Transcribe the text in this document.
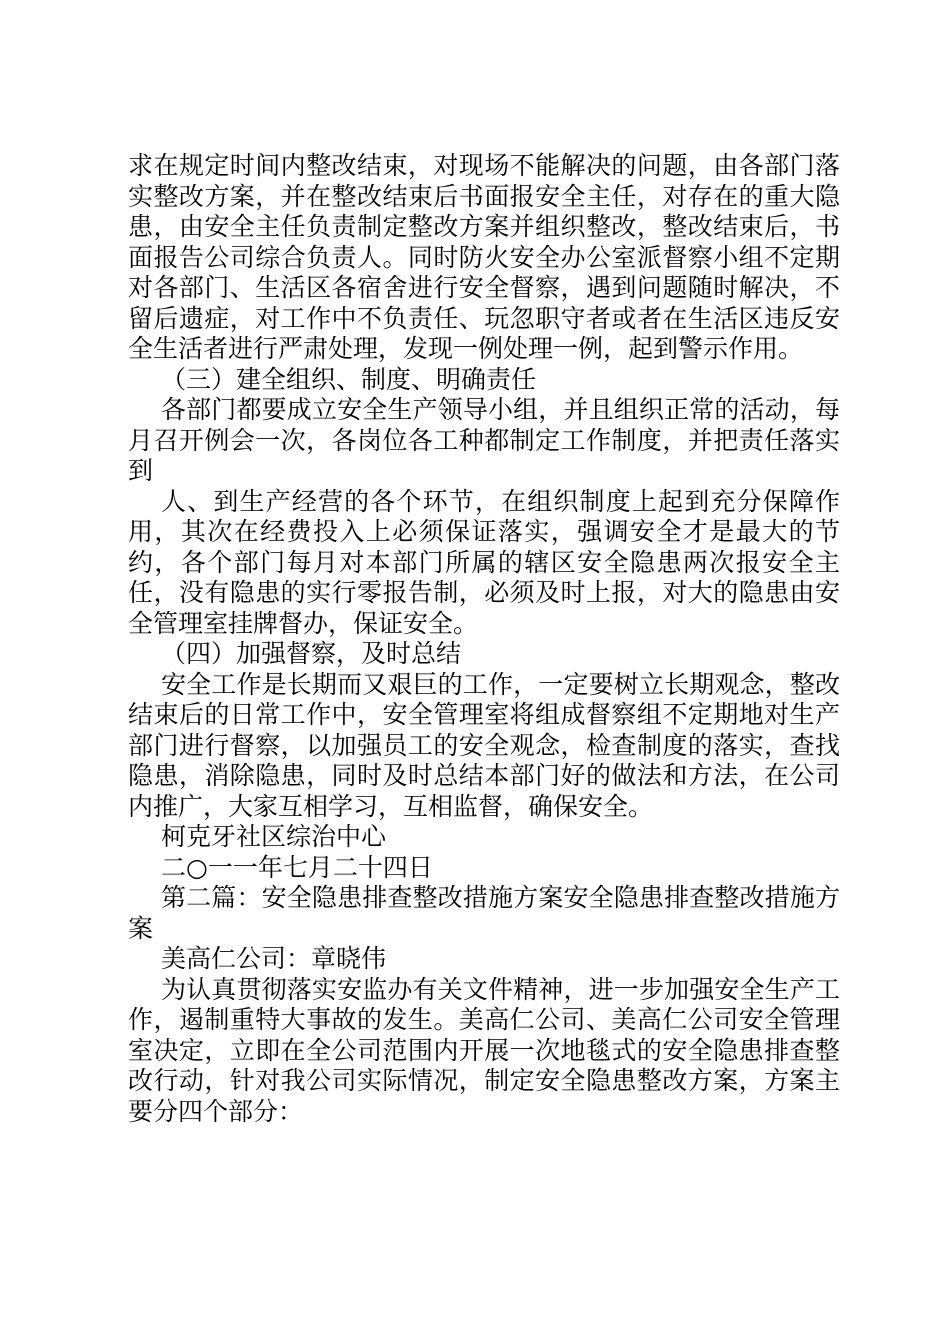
求在规定时间内整改结束，对现场不能解决的问题，由各部门落实整改方案，并在整改结束后书面报安全主任，对存在的重大隐患，由安全主任负责制定整改方案并组织整改，整改结束后，书面报告公司综合负责人。同时防火安全办公室派督察小组不定期对各部门、生活区各宿舍进行安全督察，遇到问题随时解决，不留后遗症，对工作中不负责任、玩忽职守者或者在生活区违反安全生活者进行严肃处理，发现一例处理一例，起到警示作用。

（三）建全组织、制度、明确责任

各部门都要成立安全生产领导小组，并且组织正常的活动，每月召开例会一次，各岗位各工种都制定工作制度，并把责任落实到

人、到生产经营的各个环节，在组织制度上起到充分保障作用，其次在经费投入上必须保证落实，强调安全才是最大的节约，各个部门每月对本部门所属的辖区安全隐患两次报安全主任，没有隐患的实行零报告制，必须及时上报，对大的隐患由安全管理室挂牌督办，保证安全。

（四）加强督察，及时总结

安全工作是长期而又艰巨的工作，一定要树立长期观念，整改结束后的日常工作中，安全管理室将组成督察组不定期地对生产部门进行督察，以加强员工的安全观念，检查制度的落实，查找隐患，消除隐患，同时及时总结本部门好的做法和方法，在公司内推广，大家互相学习，互相监督，确保安全。

柯克牙社区综治中心

二○一一年七月二十四日

第二篇：安全隐患排查整改措施方案安全隐患排查整改措施方案

美高仁公司：章晓伟

为认真贯彻落实安监办有关文件精神，进一步加强安全生产工作，遏制重特大事故的发生。美高仁公司、美高仁公司安全管理室决定，立即在全公司范围内开展一次地毯式的安全隐患排查整改行动，针对我公司实际情况，制定安全隐患整改方案，方案主要分四个部分：
